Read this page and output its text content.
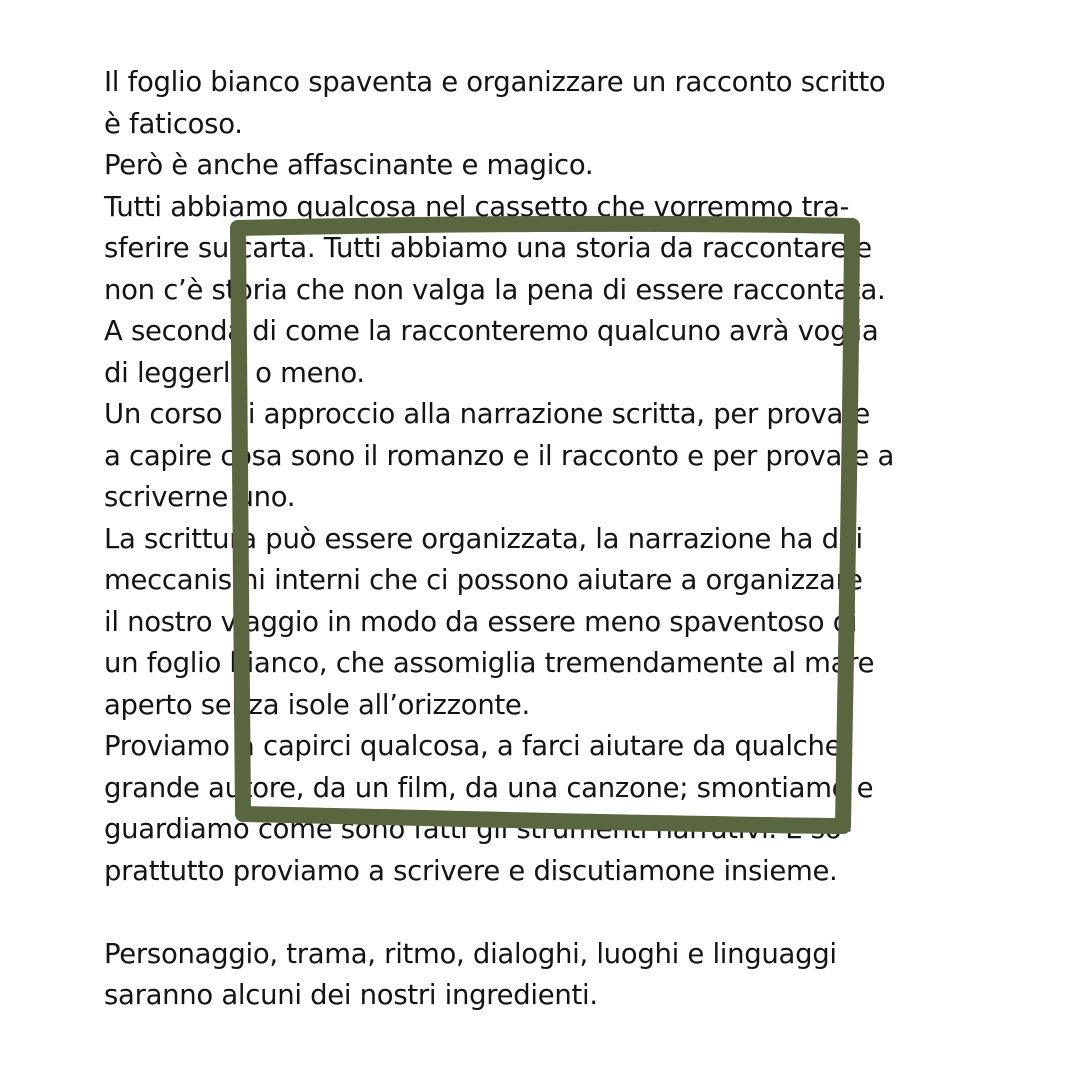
Il foglio bianco spaventa e organizzare un racconto scritto
è faticoso.
Però è anche affascinante e magico.
Tutti abbiamo qualcosa nel cassetto che vorremmo tra-
sferire su carta. Tutti abbiamo una storia da raccontare e
non c’è storia che non valga la pena di essere raccontata.
A seconda di come la racconteremo qualcuno avrà voglia
di leggerla o meno.
Un corso di approccio alla narrazione scritta, per provare
a capire cosa sono il romanzo e il racconto e per provare a
scriverne uno.
La scrittura può essere organizzata, la narrazione ha dei
meccanismi interni che ci possono aiutare a organizzare
il nostro viaggio in modo da essere meno spaventoso di
un foglio bianco, che assomiglia tremendamente al mare
aperto senza isole all’orizzonte.
Proviamo a capirci qualcosa, a farci aiutare da qualche
grande autore, da un film, da una canzone; smontiamo e
guardiamo come sono fatti gli strumenti narrativi. E so-
prattutto proviamo a scrivere e discutiamone insieme.
Personaggio, trama, ritmo, dialoghi, luoghi e linguaggi
saranno alcuni dei nostri ingredienti.
